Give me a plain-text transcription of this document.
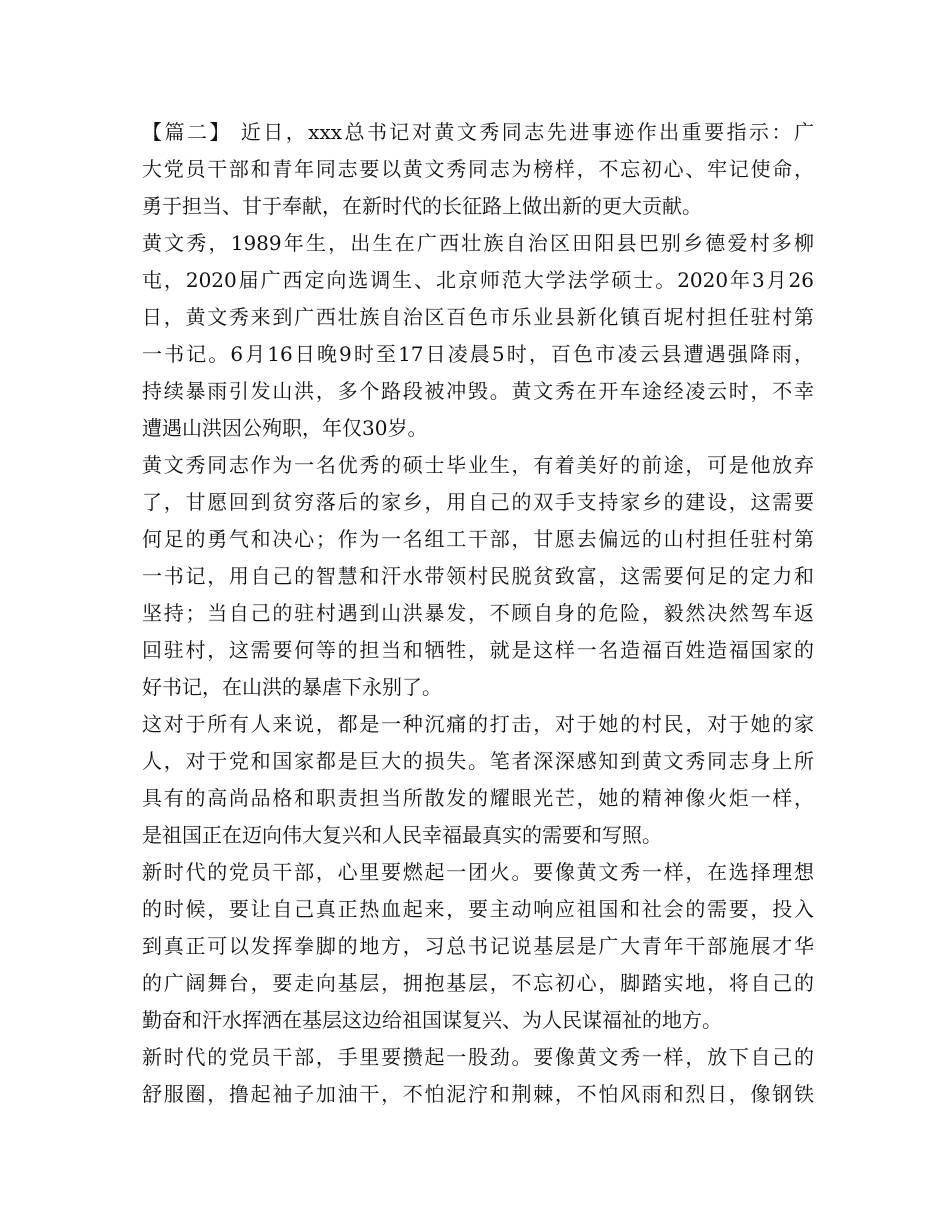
【篇二】 近日，xxx总书记对黄文秀同志先进事迹作出重要指示：广
大党员干部和青年同志要以黄文秀同志为榜样，不忘初心、牢记使命，
勇于担当、甘于奉献，在新时代的长征路上做出新的更大贡献。
黄文秀，1989年生，出生在广西壮族自治区田阳县巴别乡德爱村多柳
屯，2020届广西定向选调生、北京师范大学法学硕士。2020年3月26
日，黄文秀来到广西壮族自治区百色市乐业县新化镇百坭村担任驻村第
一书记。6月16日晚9时至17日凌晨5时，百色市凌云县遭遇强降雨，
持续暴雨引发山洪，多个路段被冲毁。黄文秀在开车途经凌云时，不幸
遭遇山洪因公殉职，年仅30岁。
黄文秀同志作为一名优秀的硕士毕业生，有着美好的前途，可是他放弃
了，甘愿回到贫穷落后的家乡，用自己的双手支持家乡的建设，这需要
何足的勇气和决心；作为一名组工干部，甘愿去偏远的山村担任驻村第
一书记，用自己的智慧和汗水带领村民脱贫致富，这需要何足的定力和
坚持；当自己的驻村遇到山洪暴发，不顾自身的危险，毅然决然驾车返
回驻村，这需要何等的担当和牺牲，就是这样一名造福百姓造福国家的
好书记，在山洪的暴虐下永别了。
这对于所有人来说，都是一种沉痛的打击，对于她的村民，对于她的家
人，对于党和国家都是巨大的损失。笔者深深感知到黄文秀同志身上所
具有的高尚品格和职责担当所散发的耀眼光芒，她的精神像火炬一样，
是祖国正在迈向伟大复兴和人民幸福最真实的需要和写照。
新时代的党员干部，心里要燃起一团火。要像黄文秀一样，在选择理想
的时候，要让自己真正热血起来，要主动响应祖国和社会的需要，投入
到真正可以发挥拳脚的地方，习总书记说基层是广大青年干部施展才华
的广阔舞台，要走向基层，拥抱基层，不忘初心，脚踏实地，将自己的
勤奋和汗水挥洒在基层这边给祖国谋复兴、为人民谋福祉的地方。
新时代的党员干部，手里要攒起一股劲。要像黄文秀一样，放下自己的
舒服圈，撸起袖子加油干，不怕泥泞和荆棘，不怕风雨和烈日，像钢铁
